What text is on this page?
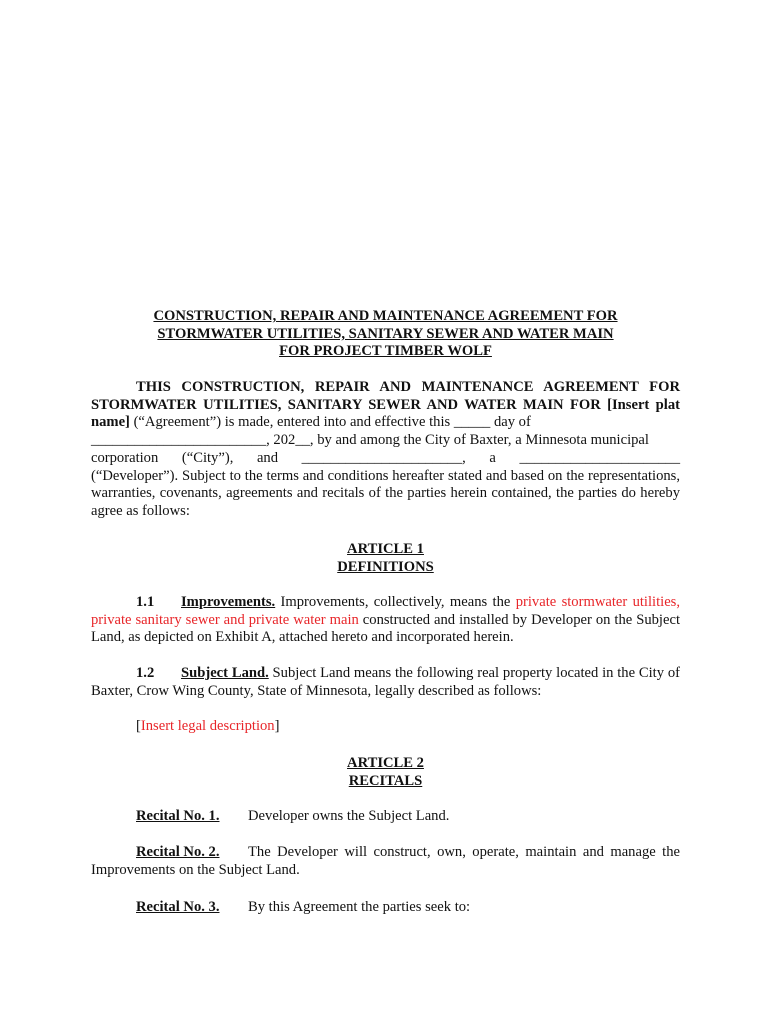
CONSTRUCTION, REPAIR AND MAINTENANCE AGREEMENT FOR
STORMWATER UTILITIES, SANITARY SEWER AND WATER MAIN
FOR PROJECT TIMBER WOLF
THIS CONSTRUCTION, REPAIR AND MAINTENANCE AGREEMENT FOR STORMWATER UTILITIES, SANITARY SEWER AND WATER MAIN FOR [Insert plat name] (“Agreement”) is made, entered into and effective this _____ day of
________________________, 202__, by and among the City of Baxter, a Minnesota municipal
corporation (“City”), and ______________________, a ______________________
(“Developer”). Subject to the terms and conditions hereafter stated and based on the representations, warranties, covenants, agreements and recitals of the parties herein contained, the parties do hereby agree as follows:
ARTICLE 1
DEFINITIONS
1.1 Improvements. Improvements, collectively, means the private stormwater utilities, private sanitary sewer and private water main constructed and installed by Developer on the Subject Land, as depicted on Exhibit A, attached hereto and incorporated herein.
1.2 Subject Land. Subject Land means the following real property located in the City of Baxter, Crow Wing County, State of Minnesota, legally described as follows:
[Insert legal description]
ARTICLE 2
RECITALS
Recital No. 1. Developer owns the Subject Land.
Recital No. 2. The Developer will construct, own, operate, maintain and manage the Improvements on the Subject Land.
Recital No. 3. By this Agreement the parties seek to:
